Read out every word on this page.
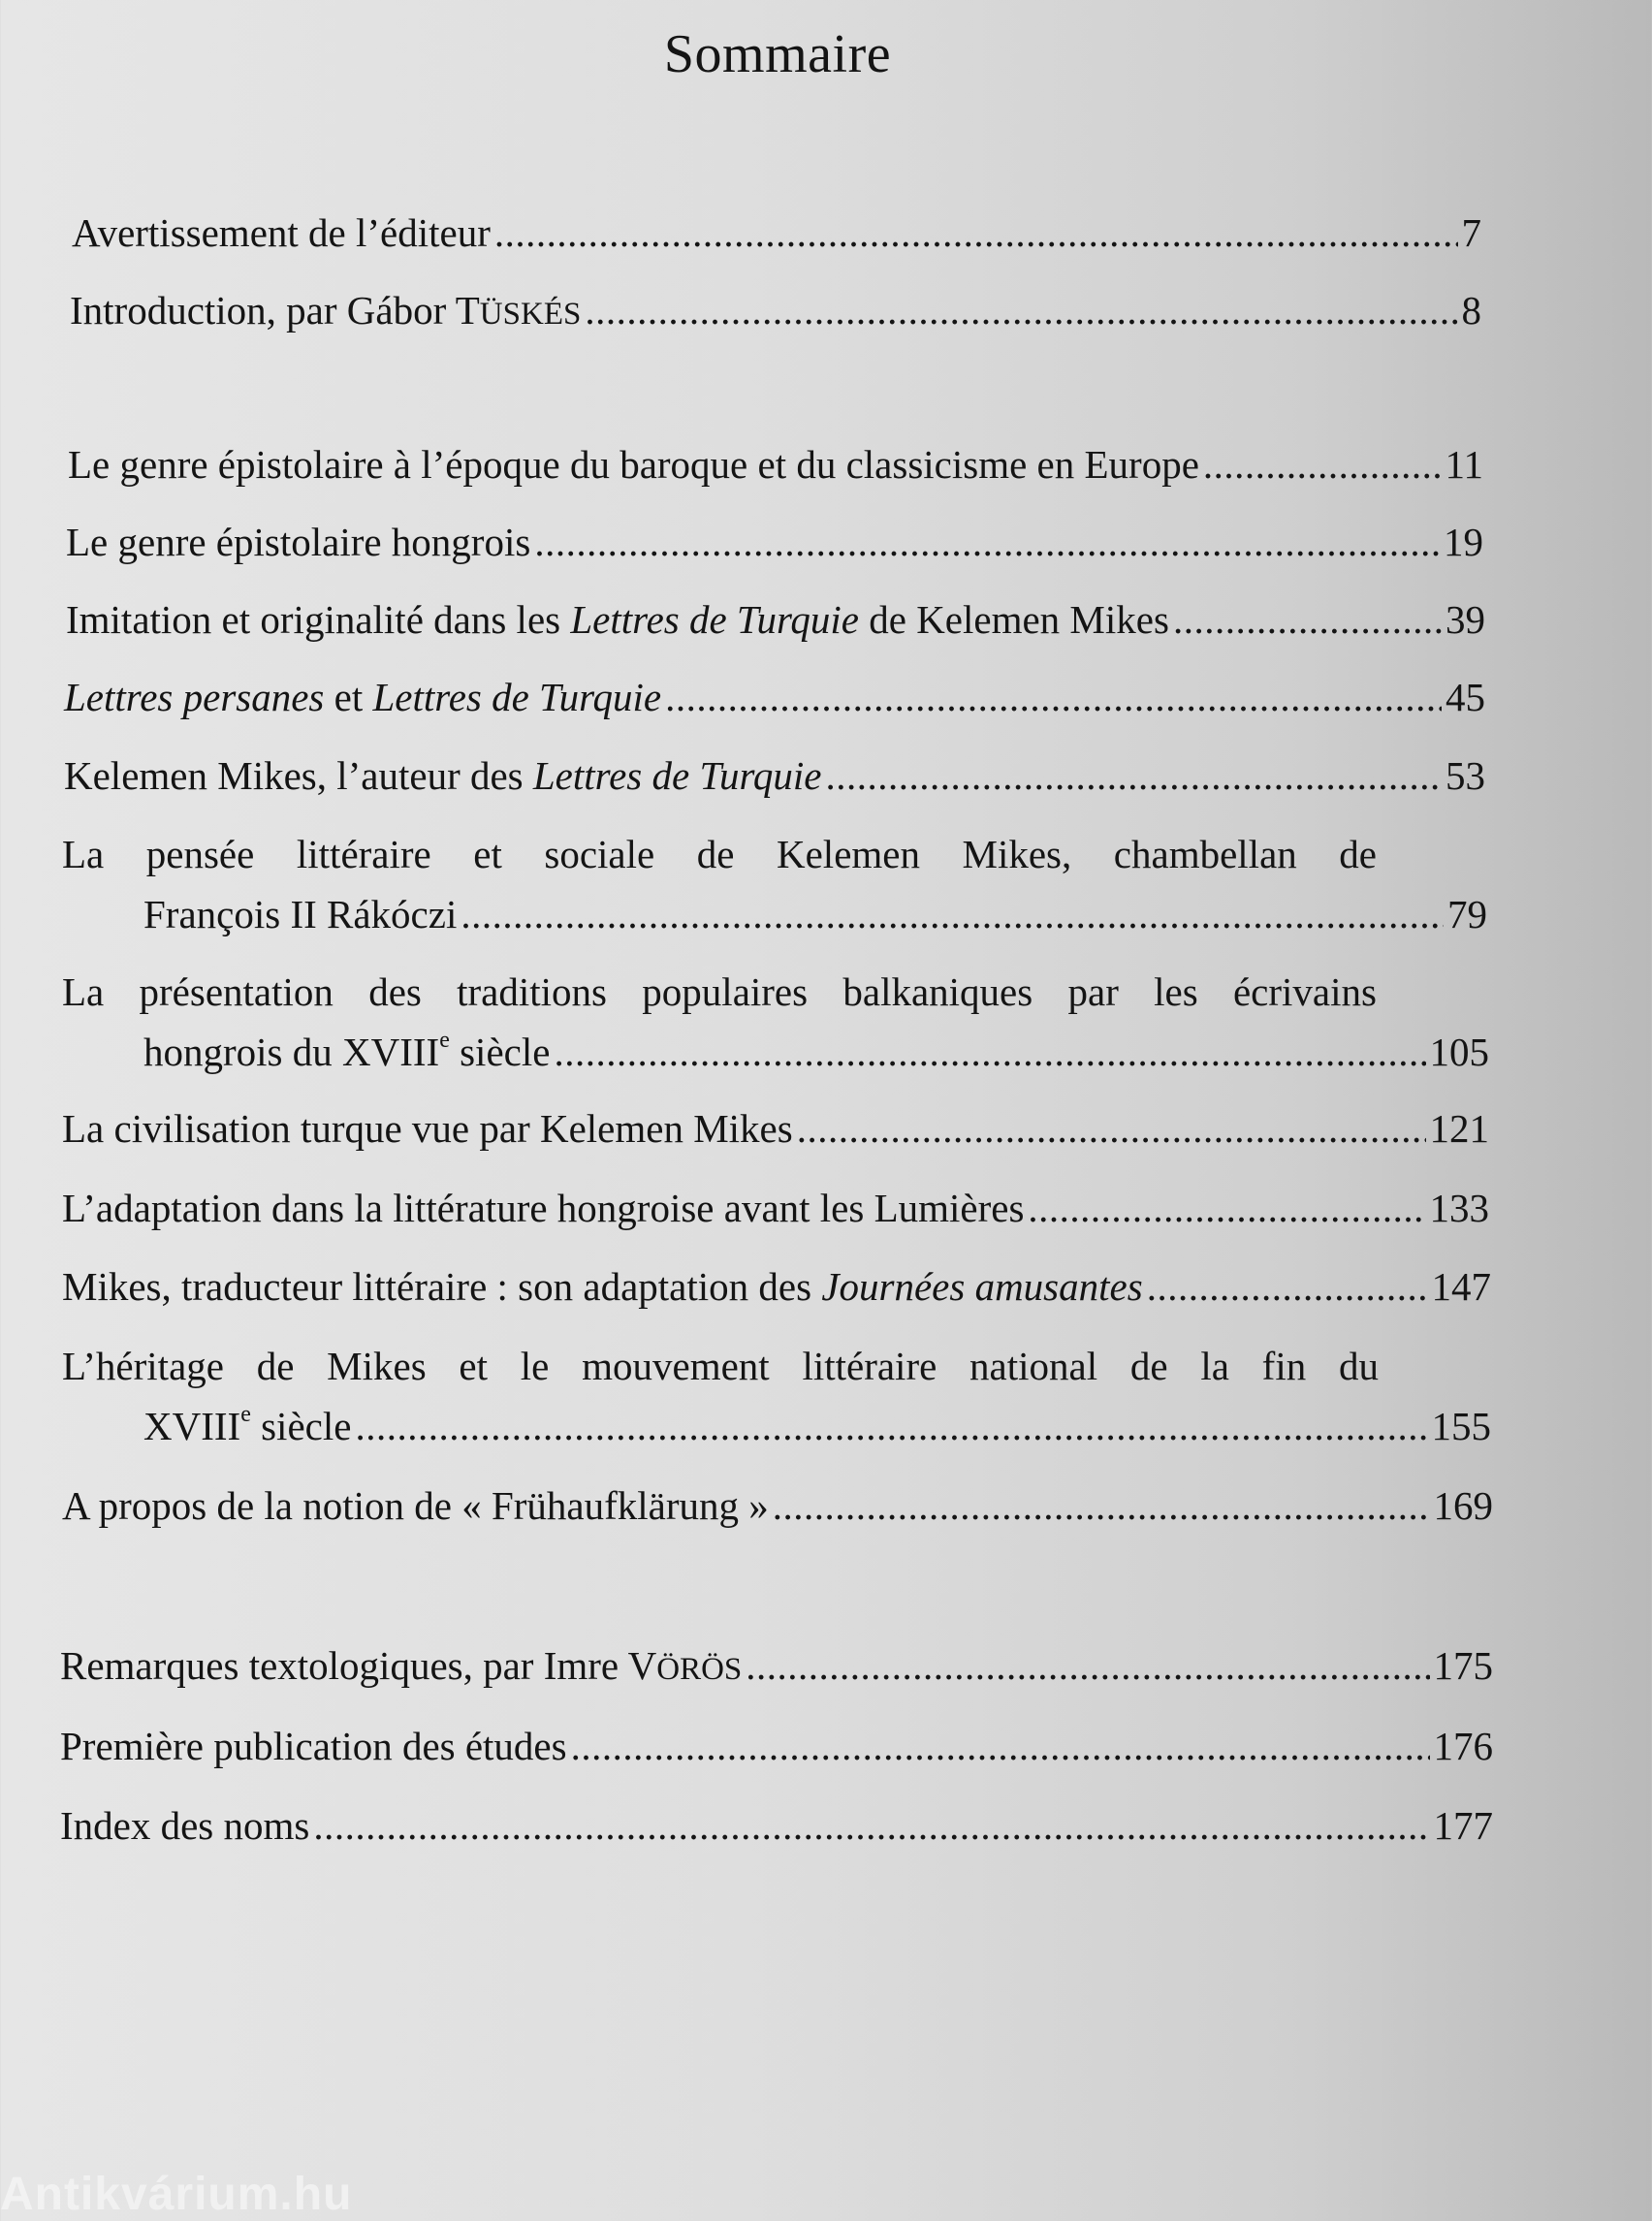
Sommaire
Avertissement de l’éditeur .....	7
Introduction, par Gábor TÜSKÉS .....	8
Le genre épistolaire à l’époque du baroque et du classicisme en Europe .....	11
Le genre épistolaire hongrois .....	19
Imitation et originalité dans les Lettres de Turquie de Kelemen Mikes .....	39
Lettres persanes et Lettres de Turquie .....	45
Kelemen Mikes, l’auteur des Lettres de Turquie .....	53
La pensée littéraire et sociale de Kelemen Mikes, chambellan de
François II Rákóczi .....	79
La présentation des traditions populaires balkaniques par les écrivains
hongrois du XVIIIe siècle .....	105
La civilisation turque vue par Kelemen Mikes .....	121
L’adaptation dans la littérature hongroise avant les Lumières .....	133
Mikes, traducteur littéraire : son adaptation des Journées amusantes .....	147
L’héritage de Mikes et le mouvement littéraire national de la fin du
XVIIIe siècle .....	155
A propos de la notion de « Frühaufklärung » .....	169
Remarques textologiques, par Imre VÖRÖS .....	175
Première publication des études .....	176
Index des noms .....	177
Antikvárium.hu
